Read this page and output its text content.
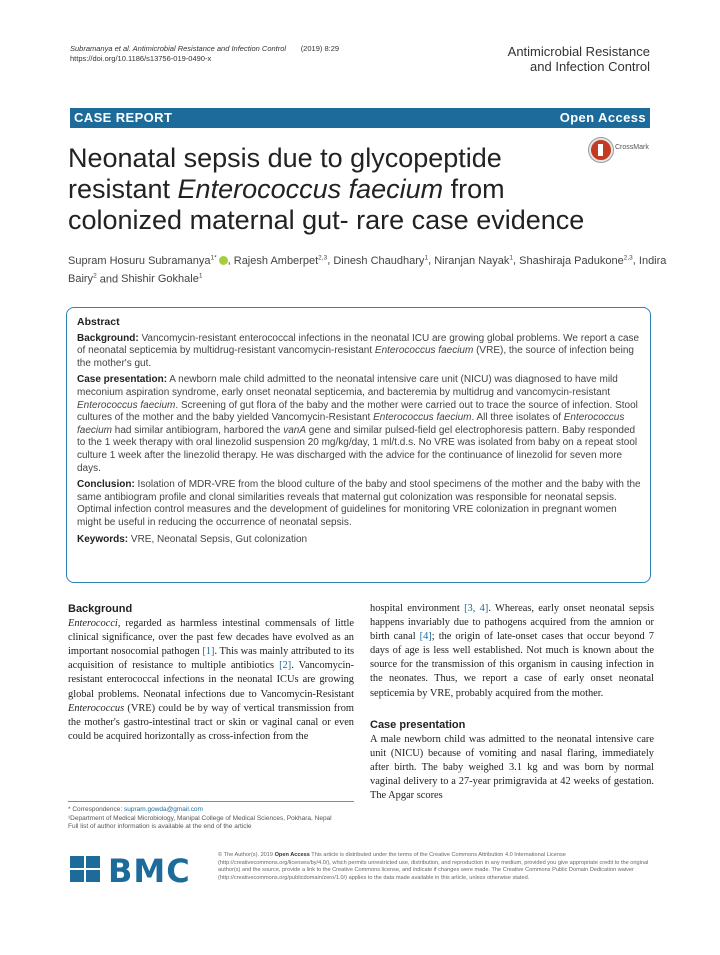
Subramanya et al. Antimicrobial Resistance and Infection Control (2019) 8:29
https://doi.org/10.1186/s13756-019-0490-x	Antimicrobial Resistance
and Infection Control
CASE REPORT	Open Access
CrossMark
Neonatal sepsis due to glycopeptide resistant Enterococcus faecium from colonized maternal gut- rare case evidence
Supram Hosuru Subramanya$^{1*}$ , Rajesh Amberpet$^{2,3}$, Dinesh Chaudhary$^1$, Niranjan Nayak$^1$, Shashiraja Padukone$^{2,3}$, Indira Bairy$^2$ and Shishir Gokhale$^1$
Abstract

Background: Vancomycin-resistant enterococcal infections in the neonatal ICU are growing global problems. We report a case of neonatal septicemia by multidrug-resistant vancomycin-resistant Enterococcus faecium (VRE), the source of infection being the mother's gut.

Case presentation: A newborn male child admitted to the neonatal intensive care unit (NICU) was diagnosed to have mild meconium aspiration syndrome, early onset neonatal septicemia, and bacteremia by multidrug and vancomycin-resistant Enterococcus faecium. Screening of gut flora of the baby and the mother were carried out to trace the source of infection. Stool cultures of the mother and the baby yielded Vancomycin-Resistant Enterococcus faecium. All three isolates of Enterococcus faecium had similar antibiogram, harbored the vanA gene and similar pulsed-field gel electrophoresis pattern. Baby responded to the 1 week therapy with oral linezolid suspension 20 mg/kg/day, 1 ml/t.d.s. No VRE was isolated from baby on a repeat stool culture 1 week after the linezolid therapy. He was discharged with the advice for the continuance of linezolid for seven more days.

Conclusion: Isolation of MDR-VRE from the blood culture of the baby and stool specimens of the mother and the baby with the same antibiogram profile and clonal similarities reveals that maternal gut colonization was responsible for neonatal sepsis. Optimal infection control measures and the development of guidelines for monitoring VRE colonization in pregnant women might be useful in reducing the occurrence of neonatal sepsis.

Keywords: VRE, Neonatal Sepsis, Gut colonization

Background

Enterococci, regarded as harmless intestinal commensals of little clinical significance, over the past few decades have evolved as an important nosocomial pathogen [1]. This was mainly attributed to its acquisition of resistance to multiple antibiotics [2]. Vancomycin-resistant enterococcal infections in the neonatal ICUs are growing global problems. Neonatal infections due to Vancomycin-Resistant Enterococcus (VRE) could be by way of vertical transmission from the mother's gastro-intestinal tract or skin or vaginal canal or even could be acquired horizontally as cross-infection from the

hospital environment [3, 4]. Whereas, early onset neonatal sepsis happens invariably due to pathogens acquired from the amnion or birth canal [4]; the origin of late-onset cases that occur beyond 7 days of age is less well established. Not much is known about the source for the transmission of this organism in causing infection in the neonates. Thus, we report a case of early onset neonatal septicemia by VRE, probably acquired from the mother.

Case presentation

A male newborn child was admitted to the neonatal intensive care unit (NICU) because of vomiting and nasal flaring, immediately after birth. The baby weighed 3.1 kg and was born by normal vaginal delivery to a 27-year primigravida at 42 weeks of gestation. The Apgar scores

* Correspondence: supram.gowda@gmail.com
¹Department of Medical Microbiology, Manipal College of Medical Sciences, Pokhara, Nepal
Full list of author information is available at the end of the article
BMC	© The Author(s). 2019 Open Access This article is distributed under the terms of the Creative Commons Attribution 4.0 International License (http://creativecommons.org/licenses/by/4.0/), which permits unrestricted use, distribution, and reproduction in any medium, provided you give appropriate credit to the original author(s) and the source, provide a link to the Creative Commons license, and indicate if changes were made. The Creative Commons Public Domain Dedication waiver (http://creativecommons.org/publicdomain/zero/1.0/) applies to the data made available in this article, unless otherwise stated.
